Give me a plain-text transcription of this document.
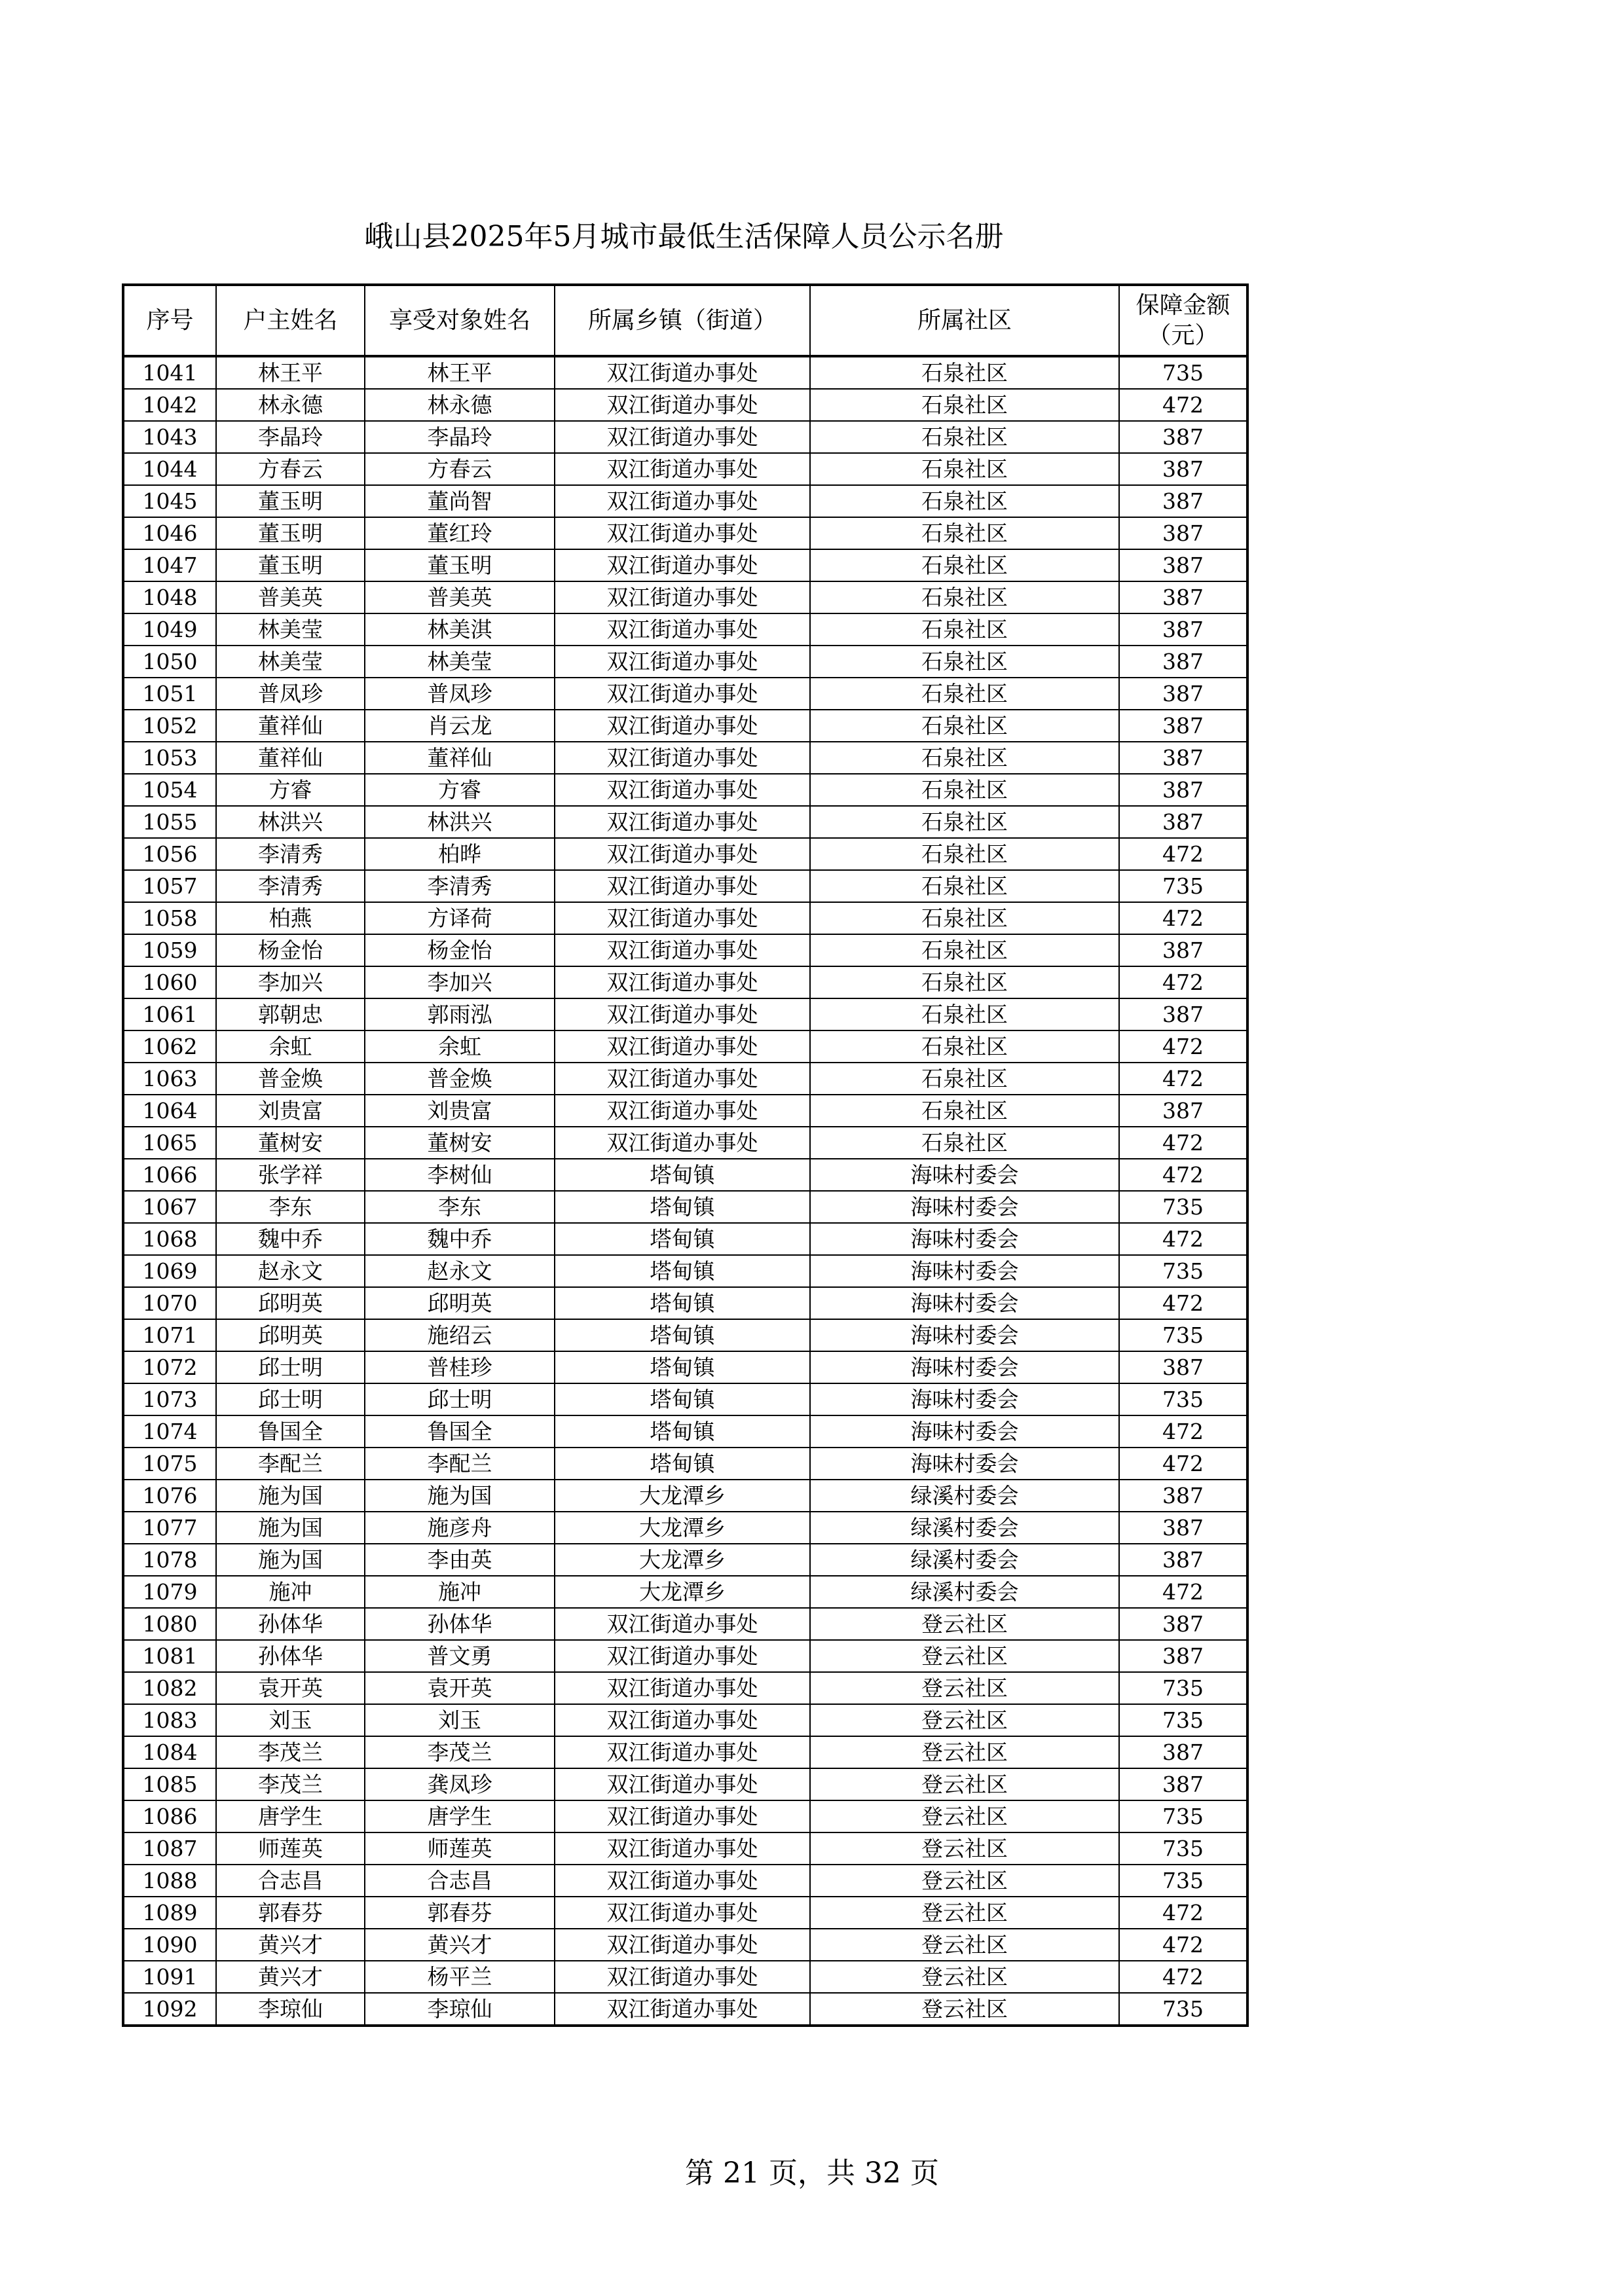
峨山县2025年5月城市最低生活保障人员公示名册
序号	户主姓名	享受对象姓名	所属乡镇（街道）	所属社区	保障金额（元）
1041	林王平	林王平	双江街道办事处	石泉社区	735
1042	林永德	林永德	双江街道办事处	石泉社区	472
1043	李晶玲	李晶玲	双江街道办事处	石泉社区	387
1044	方春云	方春云	双江街道办事处	石泉社区	387
1045	董玉明	董尚智	双江街道办事处	石泉社区	387
1046	董玉明	董红玲	双江街道办事处	石泉社区	387
1047	董玉明	董玉明	双江街道办事处	石泉社区	387
1048	普美英	普美英	双江街道办事处	石泉社区	387
1049	林美莹	林美淇	双江街道办事处	石泉社区	387
1050	林美莹	林美莹	双江街道办事处	石泉社区	387
1051	普凤珍	普凤珍	双江街道办事处	石泉社区	387
1052	董祥仙	肖云龙	双江街道办事处	石泉社区	387
1053	董祥仙	董祥仙	双江街道办事处	石泉社区	387
1054	方睿	方睿	双江街道办事处	石泉社区	387
1055	林洪兴	林洪兴	双江街道办事处	石泉社区	387
1056	李清秀	柏晔	双江街道办事处	石泉社区	472
1057	李清秀	李清秀	双江街道办事处	石泉社区	735
1058	柏燕	方译荷	双江街道办事处	石泉社区	472
1059	杨金怡	杨金怡	双江街道办事处	石泉社区	387
1060	李加兴	李加兴	双江街道办事处	石泉社区	472
1061	郭朝忠	郭雨泓	双江街道办事处	石泉社区	387
1062	余虹	余虹	双江街道办事处	石泉社区	472
1063	普金焕	普金焕	双江街道办事处	石泉社区	472
1064	刘贵富	刘贵富	双江街道办事处	石泉社区	387
1065	董树安	董树安	双江街道办事处	石泉社区	472
1066	张学祥	李树仙	塔甸镇	海味村委会	472
1067	李东	李东	塔甸镇	海味村委会	735
1068	魏中乔	魏中乔	塔甸镇	海味村委会	472
1069	赵永文	赵永文	塔甸镇	海味村委会	735
1070	邱明英	邱明英	塔甸镇	海味村委会	472
1071	邱明英	施绍云	塔甸镇	海味村委会	735
1072	邱士明	普桂珍	塔甸镇	海味村委会	387
1073	邱士明	邱士明	塔甸镇	海味村委会	735
1074	鲁国全	鲁国全	塔甸镇	海味村委会	472
1075	李配兰	李配兰	塔甸镇	海味村委会	472
1076	施为国	施为国	大龙潭乡	绿溪村委会	387
1077	施为国	施彦舟	大龙潭乡	绿溪村委会	387
1078	施为国	李由英	大龙潭乡	绿溪村委会	387
1079	施冲	施冲	大龙潭乡	绿溪村委会	472
1080	孙体华	孙体华	双江街道办事处	登云社区	387
1081	孙体华	普文勇	双江街道办事处	登云社区	387
1082	袁开英	袁开英	双江街道办事处	登云社区	735
1083	刘玉	刘玉	双江街道办事处	登云社区	735
1084	李茂兰	李茂兰	双江街道办事处	登云社区	387
1085	李茂兰	龚凤珍	双江街道办事处	登云社区	387
1086	唐学生	唐学生	双江街道办事处	登云社区	735
1087	师莲英	师莲英	双江街道办事处	登云社区	735
1088	合志昌	合志昌	双江街道办事处	登云社区	735
1089	郭春芬	郭春芬	双江街道办事处	登云社区	472
1090	黄兴才	黄兴才	双江街道办事处	登云社区	472
1091	黄兴才	杨平兰	双江街道办事处	登云社区	472
1092	李琼仙	李琼仙	双江街道办事处	登云社区	735
第 21 页，共 32 页
